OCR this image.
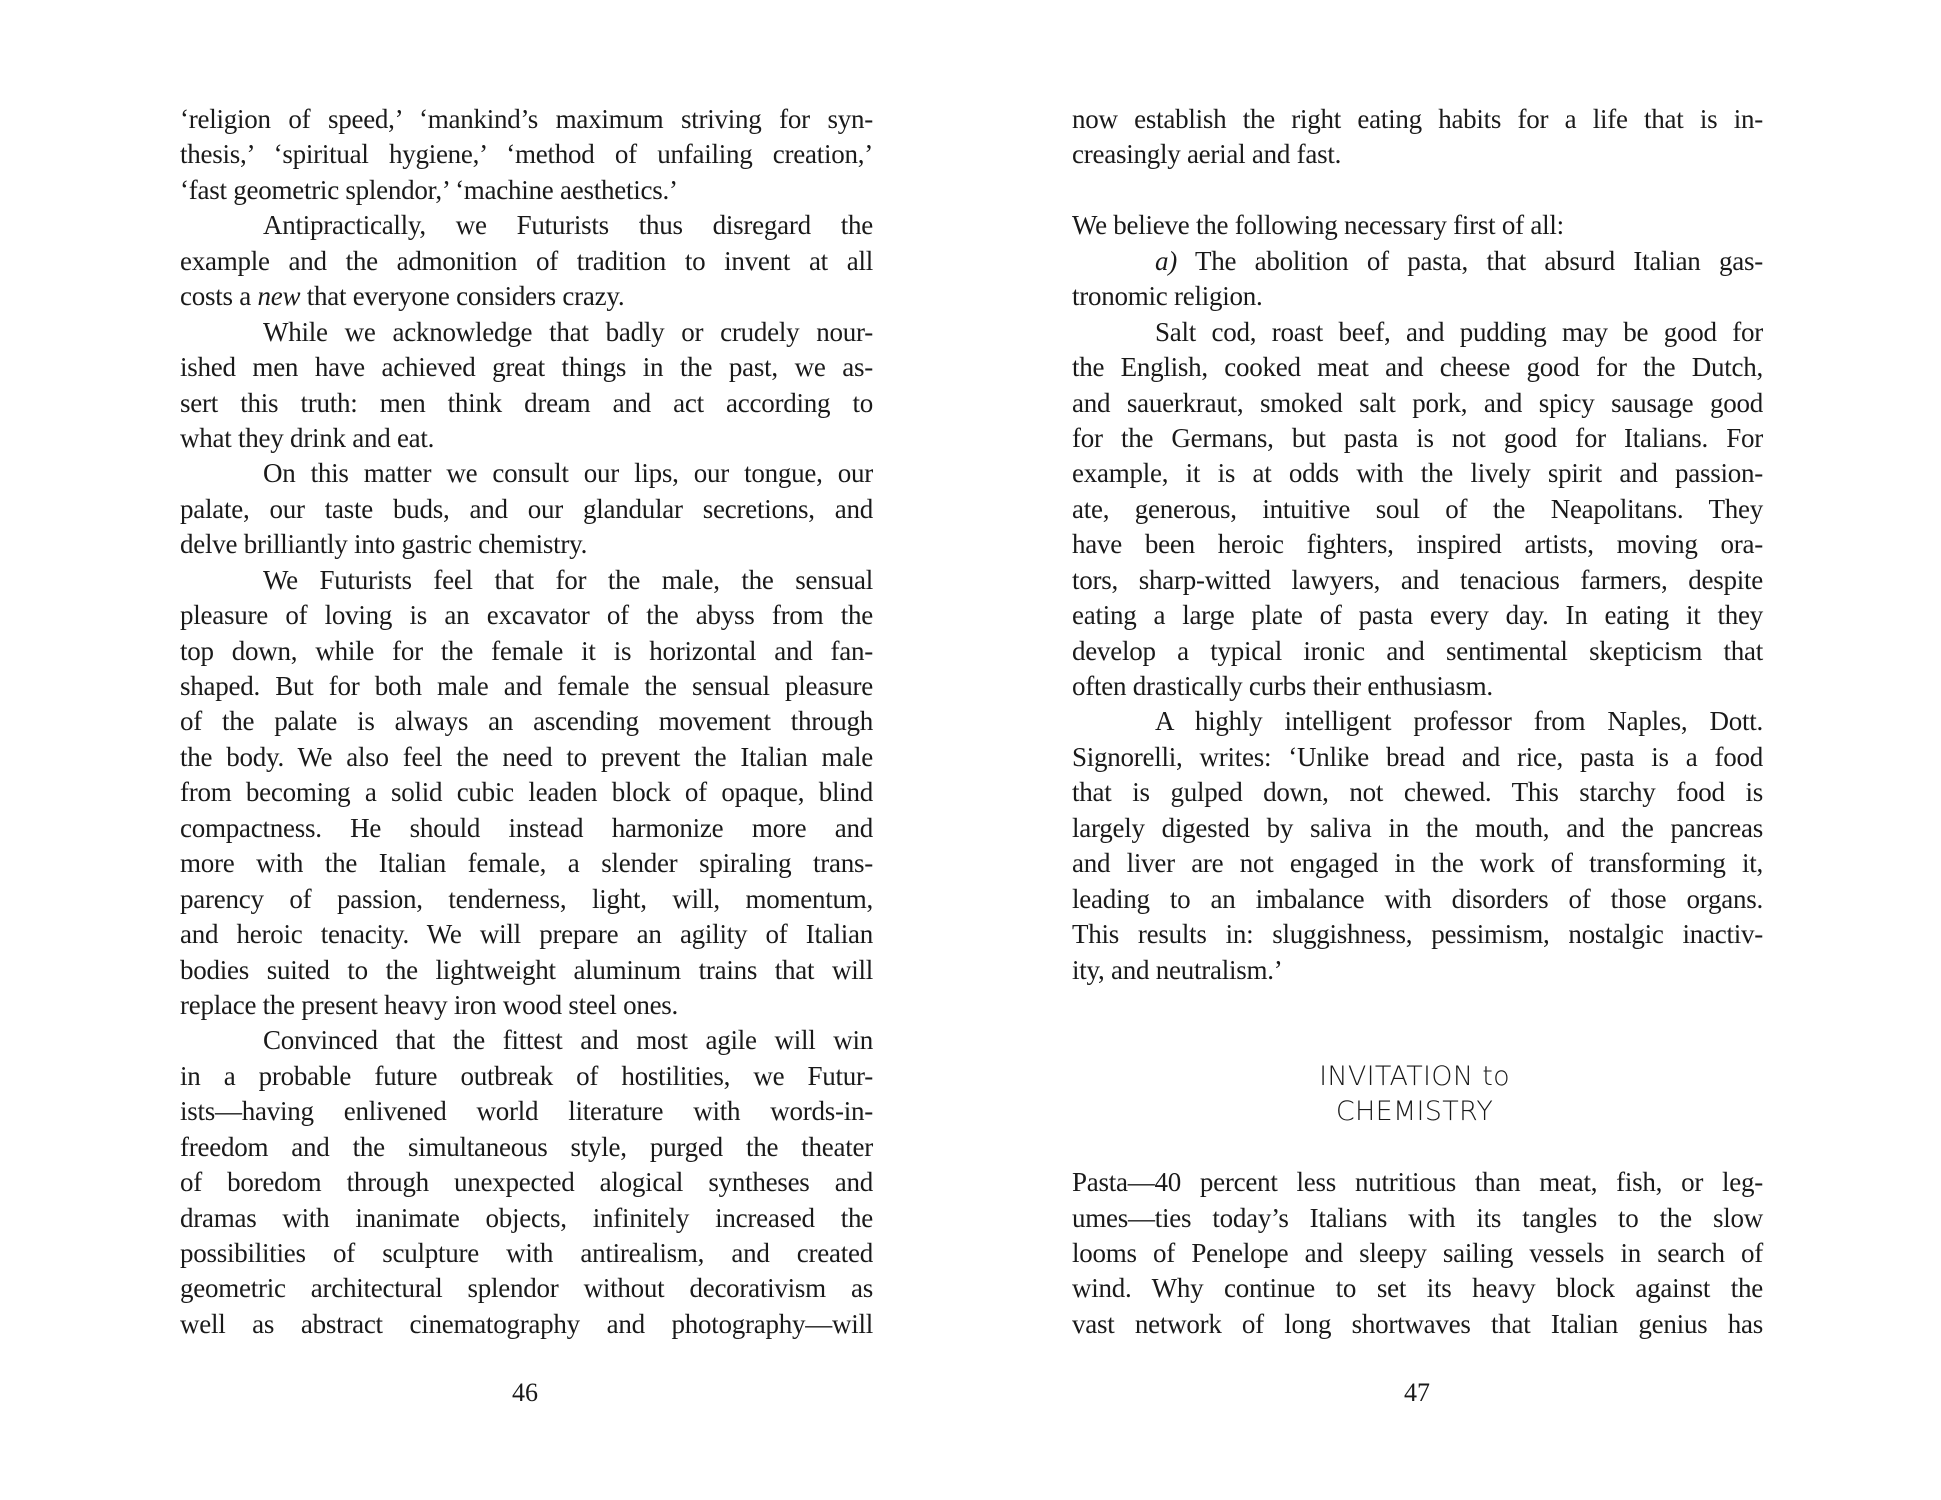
‘religion of speed,’ ‘mankind’s maximum striving for syn-
thesis,’ ‘spiritual hygiene,’ ‘method of unfailing creation,’
‘fast geometric splendor,’ ‘machine aesthetics.’
Antipractically, we Futurists thus disregard the
example and the admonition of tradition to invent at all
costs a new that everyone considers crazy.
While we acknowledge that badly or crudely nour-
ished men have achieved great things in the past, we as-
sert this truth: men think dream and act according to
what they drink and eat.
On this matter we consult our lips, our tongue, our
palate, our taste buds, and our glandular secretions, and
delve brilliantly into gastric chemistry.
We Futurists feel that for the male, the sensual
pleasure of loving is an excavator of the abyss from the
top down, while for the female it is horizontal and fan-
shaped. But for both male and female the sensual pleasure
of the palate is always an ascending movement through
the body. We also feel the need to prevent the Italian male
from becoming a solid cubic leaden block of opaque, blind
compactness. He should instead harmonize more and
more with the Italian female, a slender spiraling trans-
parency of passion, tenderness, light, will, momentum,
and heroic tenacity. We will prepare an agility of Italian
bodies suited to the lightweight aluminum trains that will
replace the present heavy iron wood steel ones.
Convinced that the fittest and most agile will win
in a probable future outbreak of hostilities, we Futur-
ists—having enlivened world literature with words-in-
freedom and the simultaneous style, purged the theater
of boredom through unexpected alogical syntheses and
dramas with inanimate objects, infinitely increased the
possibilities of sculpture with antirealism, and created
geometric architectural splendor without decorativism as
well as abstract cinematography and photography—will
46
now establish the right eating habits for a life that is in-
creasingly aerial and fast.
We believe the following necessary first of all:
a) The abolition of pasta, that absurd Italian gas-
tronomic religion.
Salt cod, roast beef, and pudding may be good for
the English, cooked meat and cheese good for the Dutch,
and sauerkraut, smoked salt pork, and spicy sausage good
for the Germans, but pasta is not good for Italians. For
example, it is at odds with the lively spirit and passion-
ate, generous, intuitive soul of the Neapolitans. They
have been heroic fighters, inspired artists, moving ora-
tors, sharp-witted lawyers, and tenacious farmers, despite
eating a large plate of pasta every day. In eating it they
develop a typical ironic and sentimental skepticism that
often drastically curbs their enthusiasm.
A highly intelligent professor from Naples, Dott.
Signorelli, writes: ‘Unlike bread and rice, pasta is a food
that is gulped down, not chewed. This starchy food is
largely digested by saliva in the mouth, and the pancreas
and liver are not engaged in the work of transforming it,
leading to an imbalance with disorders of those organs.
This results in: sluggishness, pessimism, nostalgic inactiv-
ity, and neutralism.’
INVITATION to
CHEMISTRY
Pasta—40 percent less nutritious than meat, fish, or leg-
umes—ties today’s Italians with its tangles to the slow
looms of Penelope and sleepy sailing vessels in search of
wind. Why continue to set its heavy block against the
vast network of long shortwaves that Italian genius has
47
